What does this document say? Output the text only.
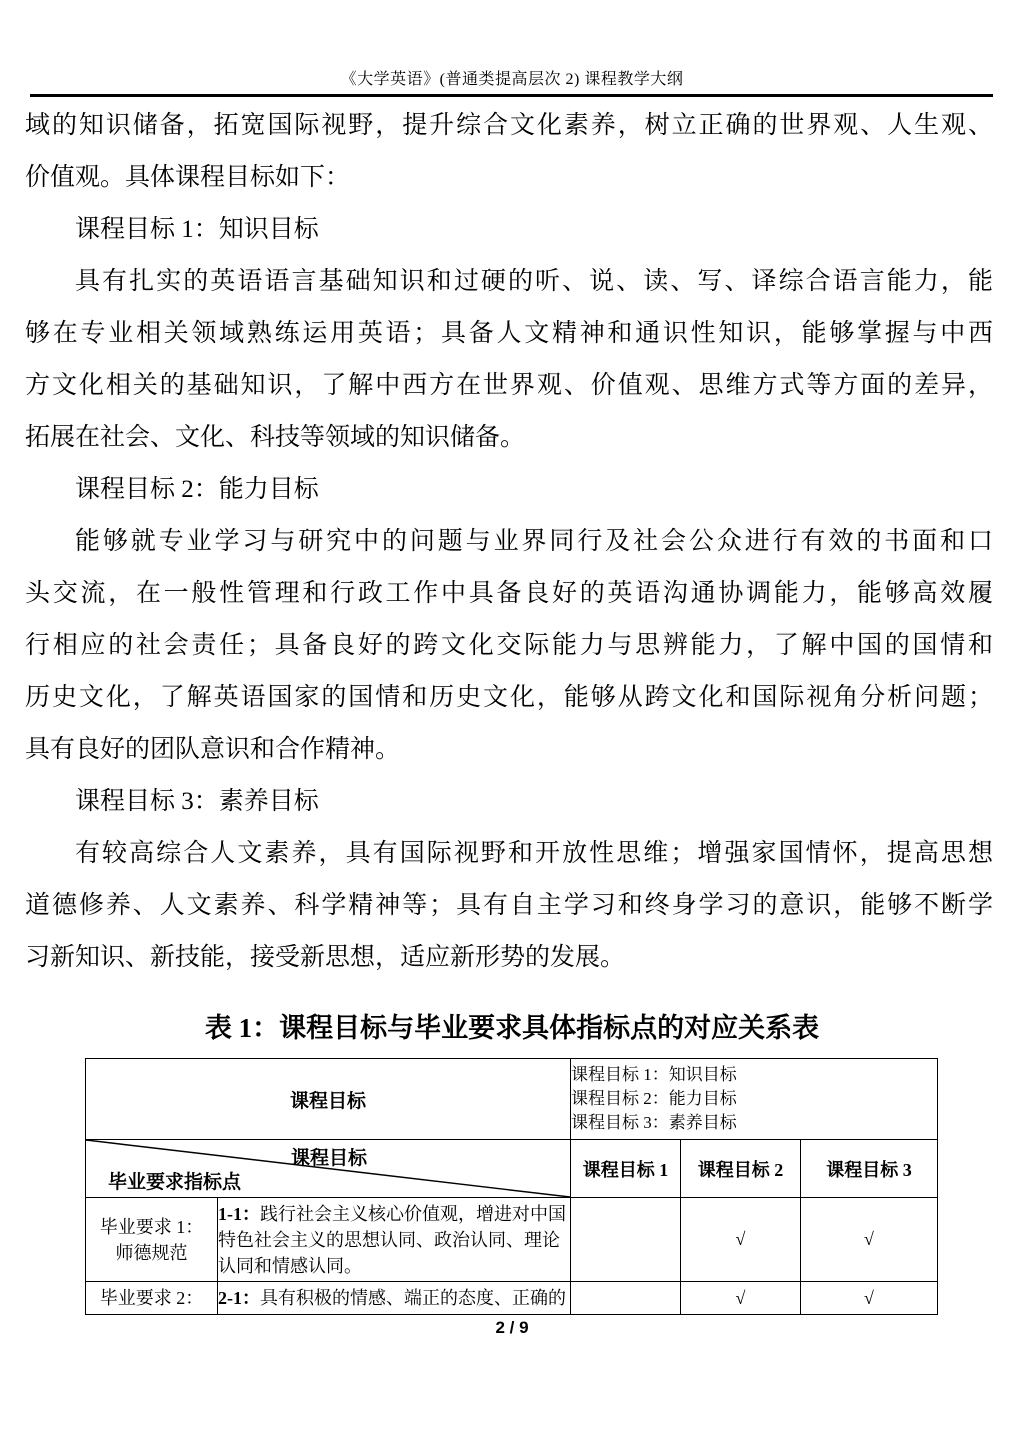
《大学英语》(普通类提高层次 2) 课程教学大纲
域的知识储备，拓宽国际视野，提升综合文化素养，树立正确的世界观、人生观、
价值观。具体课程目标如下：
课程目标 1：知识目标
具有扎实的英语语言基础知识和过硬的听、说、读、写、译综合语言能力，能
够在专业相关领域熟练运用英语；具备人文精神和通识性知识，能够掌握与中西
方文化相关的基础知识，了解中西方在世界观、价值观、思维方式等方面的差异，
拓展在社会、文化、科技等领域的知识储备。
课程目标 2：能力目标
能够就专业学习与研究中的问题与业界同行及社会公众进行有效的书面和口
头交流，在一般性管理和行政工作中具备良好的英语沟通协调能力，能够高效履
行相应的社会责任；具备良好的跨文化交际能力与思辨能力，了解中国的国情和
历史文化，了解英语国家的国情和历史文化，能够从跨文化和国际视角分析问题；
具有良好的团队意识和合作精神。
课程目标 3：素养目标
有较高综合人文素养，具有国际视野和开放性思维；增强家国情怀，提高思想
道德修养、人文素养、科学精神等；具有自主学习和终身学习的意识，能够不断学
习新知识、新技能，接受新思想，适应新形势的发展。
表 1：课程目标与毕业要求具体指标点的对应关系表
课程目标		课程目标 1：知识目标
课程目标 2：能力目标
课程目标 3：素养目标		

课程目标
毕业要求指标点		课程目标 1	课程目标 2	课程目标 3

毕业要求 1：
师德规范	1-1：践行社会主义核心价值观，增进对中国特色社会主义的思想认同、政治认同、理论认同和情感认同。		√	√

毕业要求 2：	2-1：具有积极的情感、端正的态度、正确的		√	√
2 / 9
